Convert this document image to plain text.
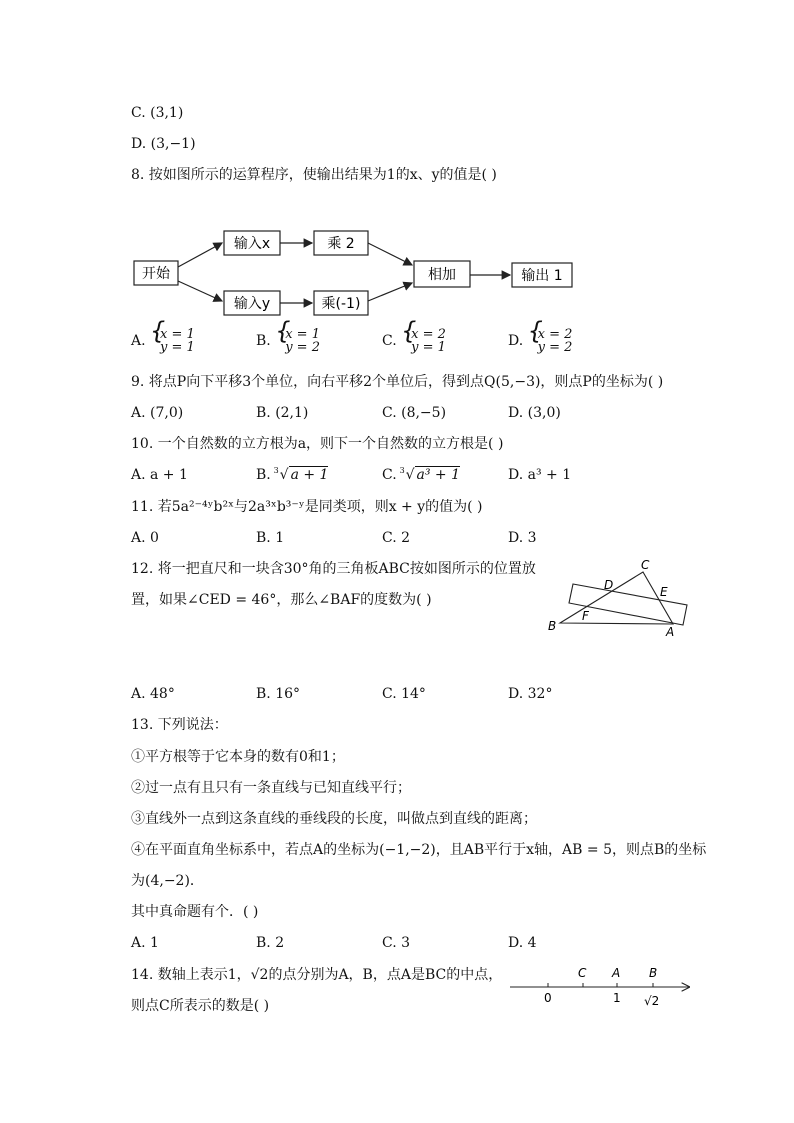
C. (3,1)
D. (3,−1)
8. 按如图所示的运算程序，使输出结果为1的x、y的值是( )
开始
输入x
输入y
乘 2
乘(-1)
相加	输出 1
A. { x = 1
y = 1	B. { x = 1
y = 2	C. { x = 2
y = 1	D. { x = 2
y = 2
9. 将点P向下平移3个单位，向右平移2个单位后，得到点Q(5,−3)，则点P的坐标为( )
A. (7,0)	B. (2,1)	C. (8,−5)	D. (3,0)
10. 一个自然数的立方根为a，则下一个自然数的立方根是( )
A. a + 1	B. 3 √ a + 1	C. 3 √ a³ + 1	D. a³ + 1
11. 若5a²⁻⁴ʸb²ˣ与2a³ˣb³⁻ʸ是同类项，则x + y的值为( )
A. 0	B. 1	C. 2	D. 3
12. 将一把直尺和一块含30°角的三角板ABC按如图所示的位置放
置，如果∠CED = 46°，那么∠BAF的度数为( )
C
D	E
F
B	A
A. 48°	B. 16°	C. 14°	D. 32°
13. 下列说法：
①平方根等于它本身的数有0和1；
②过一点有且只有一条直线与已知直线平行；
③直线外一点到这条直线的垂线段的长度，叫做点到直线的距离；
④在平面直角坐标系中，若点A的坐标为(−1,−2)，且AB平行于x轴，AB = 5，则点B的坐标
为(4,−2)．
其中真命题有个．( )
A. 1	B. 2	C. 3	D. 4
14. 数轴上表示1，√2的点分别为A，B，点A是BC的中点，
则点C所表示的数是( )
C A B
0	1 √2
